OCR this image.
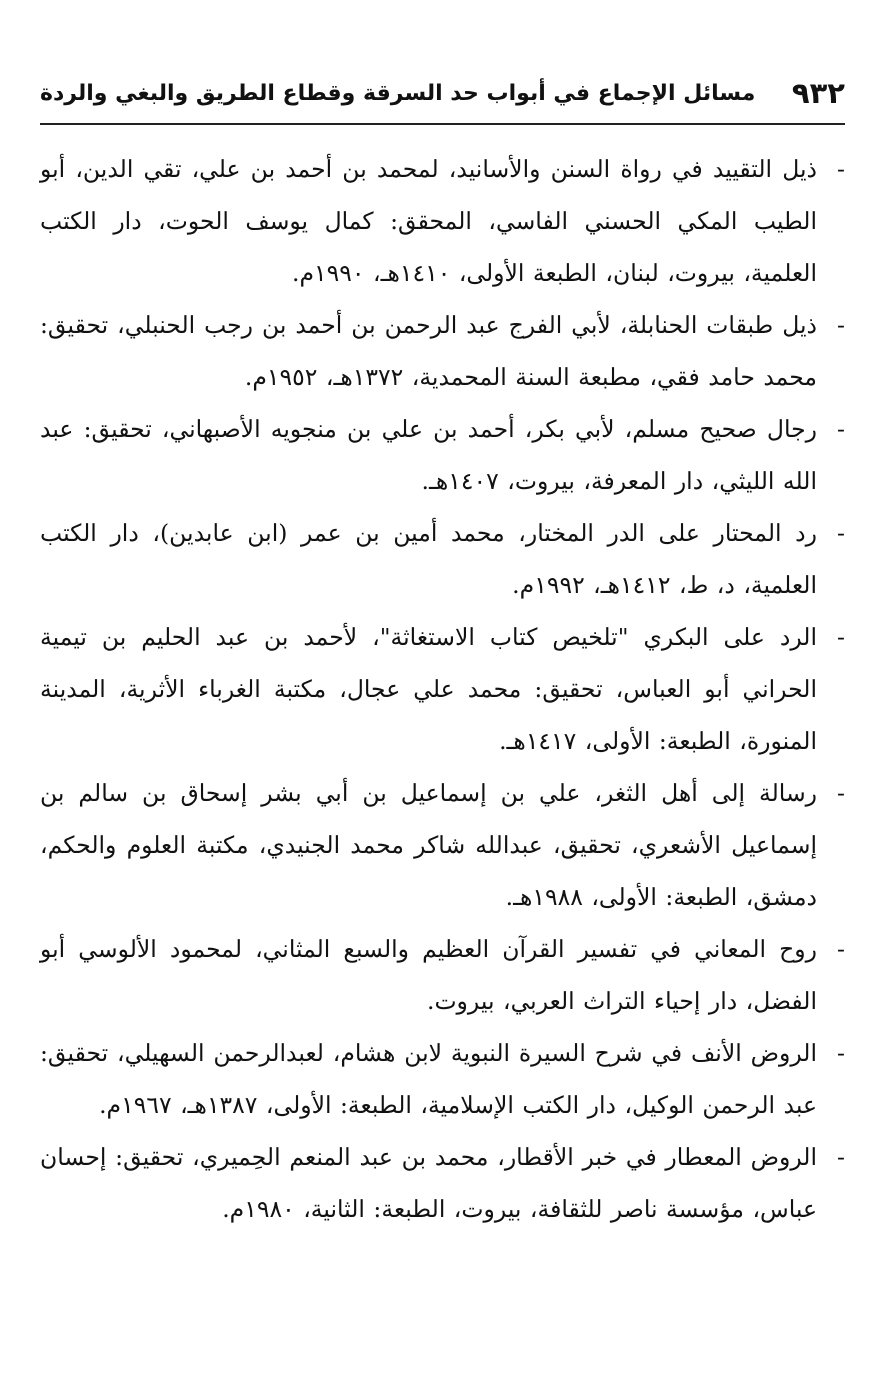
٩٣٢
مسائل الإجماع في أبواب حد السرقة وقطاع الطريق والبغي والردة
-
ذيل التقييد في رواة السنن والأسانيد، لمحمد بن أحمد بن علي، تقي الدين، أبو الطيب المكي الحسني الفاسي، المحقق: كمال يوسف الحوت، دار الكتب العلمية، بيروت، لبنان، الطبعة الأولى، ١٤١٠هـ، ١٩٩٠م.
-
ذيل طبقات الحنابلة، لأبي الفرج عبد الرحمن بن أحمد بن رجب الحنبلي، تحقيق: محمد حامد فقي، مطبعة السنة المحمدية، ١٣٧٢هـ، ١٩٥٢م.
-
رجال صحيح مسلم، لأبي بكر، أحمد بن علي بن منجويه الأصبهاني، تحقيق: عبد الله الليثي، دار المعرفة، بيروت، ١٤٠٧هـ.
-
رد المحتار على الدر المختار، محمد أمين بن عمر (ابن عابدين)، دار الكتب العلمية، د، ط، ١٤١٢هـ، ١٩٩٢م.
-
الرد على البكري "تلخيص كتاب الاستغاثة"، لأحمد بن عبد الحليم بن تيمية الحراني أبو العباس، تحقيق: محمد علي عجال، مكتبة الغرباء الأثرية، المدينة المنورة، الطبعة: الأولى، ١٤١٧هـ.
-
رسالة إلى أهل الثغر، علي بن إسماعيل بن أبي بشر إسحاق بن سالم بن إسماعيل الأشعري، تحقيق، عبدالله شاكر محمد الجنيدي، مكتبة العلوم والحكم، دمشق، الطبعة: الأولى، ١٩٨٨هـ.
-
روح المعاني في تفسير القرآن العظيم والسبع المثاني، لمحمود الألوسي أبو الفضل، دار إحياء التراث العربي، بيروت.
-
الروض الأنف في شرح السيرة النبوية لابن هشام، لعبدالرحمن السهيلي، تحقيق: عبد الرحمن الوكيل، دار الكتب الإسلامية، الطبعة: الأولى، ١٣٨٧هـ، ١٩٦٧م.
-
الروض المعطار في خبر الأقطار، محمد بن عبد المنعم الحِميري، تحقيق: إحسان عباس، مؤسسة ناصر للثقافة، بيروت، الطبعة: الثانية، ١٩٨٠م.
